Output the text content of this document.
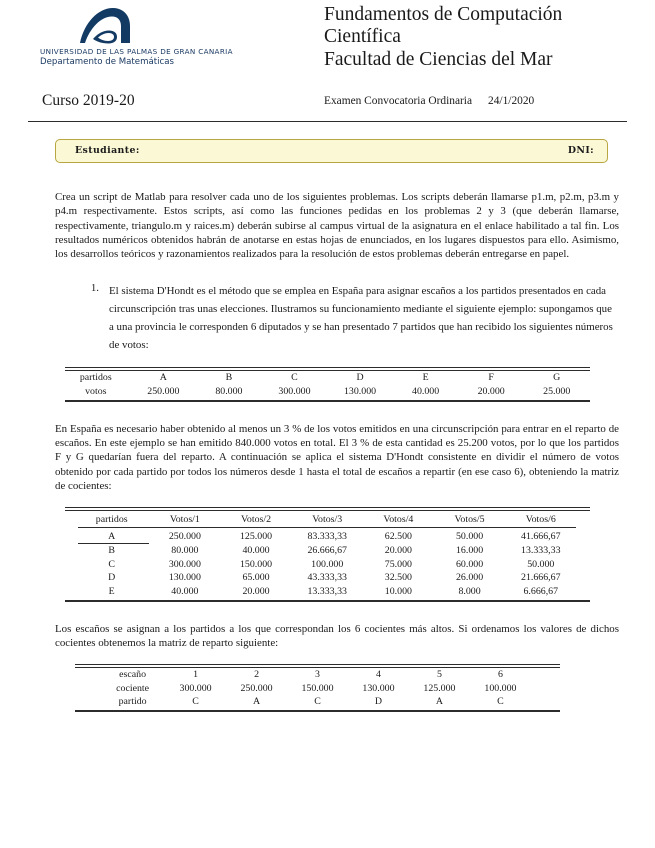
UNIVERSIDAD DE LAS PALMAS DE GRAN CANARIA
Departamento de Matemáticas
Fundamentos de Computación
Científica
Facultad de Ciencias del Mar
Curso 2019-20	Examen Convocatoria Ordinaria 24/1/2020
Estudiante:	DNI:

Crea un script de Matlab para resolver cada uno de los siguientes problemas. Los scripts deberán llamarse p1.m, p2.m, p3.m y p4.m respectivamente. Estos scripts, así como las funciones pedidas en los problemas 2 y 3 (que deberán llamarse, respectivamente, triangulo.m y raices.m) deberán subirse al campus virtual de la asignatura en el enlace habilitado a tal fin. Los resultados numéricos obtenidos habrán de anotarse en estas hojas de enunciados, en los lugares dispuestos para ello. Asimismo, los desarrollos teóricos y razonamientos realizados para la resolución de estos problemas deberán entregarse en papel.

1. El sistema D'Hondt es el método que se emplea en España para asignar escaños a los partidos presentados en cada circunscripción tras unas elecciones. Ilustramos su funcionamiento mediante el siguiente ejemplo: supongamos que a una provincia le corresponden 6 diputados y se han presentado 7 partidos que han recibido los siguientes números de votos:
partidos	A	B	C	D	E	F	G
votos	250.000	80.000	300.000	130.000	40.000	20.000	25.000

En España es necesario haber obtenido al menos un 3 % de los votos emitidos en una circunscripción para entrar en el reparto de escaños. En este ejemplo se han emitido 840.000 votos en total. El 3 % de esta cantidad es 25.200 votos, por lo que los partidos F y G quedarían fuera del reparto. A continuación se aplica el sistema D'Hondt consistente en dividir el número de votos obtenido por cada partido por todos los números desde 1 hasta el total de escaños a repartir (en ese caso 6), obteniendo la matriz de cocientes:

partidos	Votos/1	Votos/2	Votos/3	Votos/4	Votos/5	Votos/6
A	250.000	125.000	83.333,33	62.500	50.000	41.666,67
B	80.000	40.000	26.666,67	20.000	16.000	13.333,33
C	300.000	150.000	100.000	75.000	60.000	50.000
D	130.000	65.000	43.333,33	32.500	26.000	21.666,67
E	40.000	20.000	13.333,33	10.000	8.000	6.666,67

Los escaños se asignan a los partidos a los que correspondan los 6 cocientes más altos. Si ordenamos los valores de dichos cocientes obtenemos la matriz de reparto siguiente:

escaño	1	2	3	4	5	6
cociente	300.000	250.000	150.000	130.000	125.000	100.000
partido	C	A	C	D	A	C
